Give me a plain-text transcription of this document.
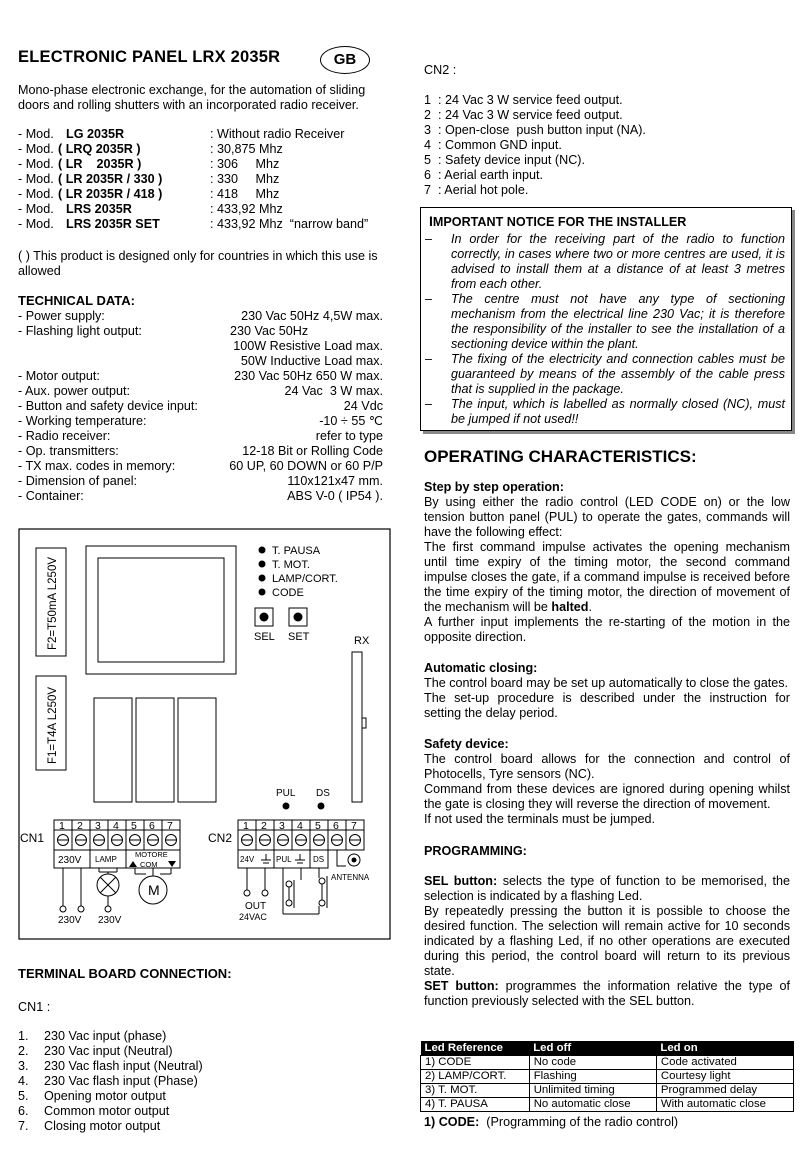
ELECTRONIC PANEL LRX 2035R	GB

Mono-phase electronic exchange, for the automation of sliding doors and rolling shutters with an incorporated radio receiver.

- Mod. LG 2035R	: Without radio Receiver
- Mod. ( LRQ 2035R )	: 30,875 Mhz
- Mod. ( LR    2035R )	: 306     Mhz
- Mod. ( LR 2035R / 330 )	: 330     Mhz
- Mod. ( LR 2035R / 418 )	: 418     Mhz
- Mod. LRS 2035R	: 433,92 Mhz
- Mod. LRS 2035R SET	: 433,92 Mhz  “narrow band”

( ) This product is designed only for countries in which this use is allowed

TECHNICAL DATA:
- Power supply:	230 Vac 50Hz 4,5W max.
- Flashing light output:	230 Vac 50Hz
100W Resistive Load max.
50W Inductive Load max.
- Motor output:	230 Vac 50Hz 650 W max.
- Aux. power output:	24 Vac  3 W max.
- Button and safety device input:	24 Vdc
- Working temperature:	-10 ÷ 55 ℃
- Radio receiver:	refer to type
- Op. transmitters:	12-18 Bit or Rolling Code
- TX max. codes in memory:	60 UP, 60 DOWN or 60 P/P
- Dimension of panel:	110x121x47 mm.
- Container:	ABS V-0 ( IP54 ).
F2=T50mA L250V
F1=T4A L250V
T. PAUSA
T. MOT.
LAMP/CORT.
CODE
SEL SET	RX
PUL DS
CN1
1 2 3 4 5 6 7
230V LAMP
MOTORE
COM
M
230V 230V
CN2
1 2 3 4 5 6 7
24V	PUL	DS
ANTENNA
OUT
24VAC
TERMINAL BOARD CONNECTION:
CN1 :
1. 230 Vac input (phase)
2. 230 Vac input (Neutral)
3. 230 Vac flash input (Neutral)
4. 230 Vac flash input (Phase)
5. Opening motor output
6. Common motor output
7. Closing motor output
CN2 :
1  : 24 Vac 3 W service feed output.
2  : 24 Vac 3 W service feed output.
3  : Open-close  push button input (NA).
4  : Common GND input.
5  : Safety device input (NC).
6  : Aerial earth input.
7  : Aerial hot pole.
IMPORTANT NOTICE FOR THE INSTALLER
– In order for the receiving part of the radio to function correctly, in cases where two or more centres are used, it is advised to install them at a distance of at least 3 metres from each other.
– The centre must not have any type of sectioning mechanism from the electrical line 230 Vac; it is therefore the responsibility of the installer to see the installation of a sectioning device within the plant.
– The fixing of the electricity and connection cables must be guaranteed by means of the assembly of the cable press that is supplied in the package.
– The input, which is labelled as normally closed (NC), must be jumped if not used!!
OPERATING CHARACTERISTICS:

Step by step operation:

By using either the radio control (LED CODE on) or the low tension button panel (PUL) to operate the gates, commands will have the following effect:

The first command impulse activates the opening mechanism until time expiry of the timing motor, the second command impulse closes the gate, if a command impulse is received before the time expiry of the timing motor, the direction of movement of the mechanism will be halted.

A further input implements the re-starting of the motion in the opposite direction.

Automatic closing:

The control board may be set up automatically to close the gates.

The set-up procedure is described under the instruction for setting the delay period.

Safety device:

The control board allows for the connection and control of Photocells, Tyre sensors (NC).

Command from these devices are ignored during opening whilst the gate is closing they will reverse the direction of movement.

If not used the terminals must be jumped.

PROGRAMMING:

SEL button: selects the type of function to be memorised, the selection is indicated by a flashing Led.

By repeatedly pressing the button it is possible to choose the desired function. The selection will remain active for 10 seconds indicated by a flashing Led, if no other operations are executed during this period, the control board will return to its previous state.

SET button: programmes the information relative the type of function previously selected with the SEL button.

Led Reference	Led off	Led on
1) CODE	No code	Code activated
2) LAMP/CORT.	Flashing	Courtesy light
3) T. MOT.	Unlimited timing	Programmed delay
4) T. PAUSA	No automatic close	With automatic close
1) CODE:  (Programming of the radio control)
